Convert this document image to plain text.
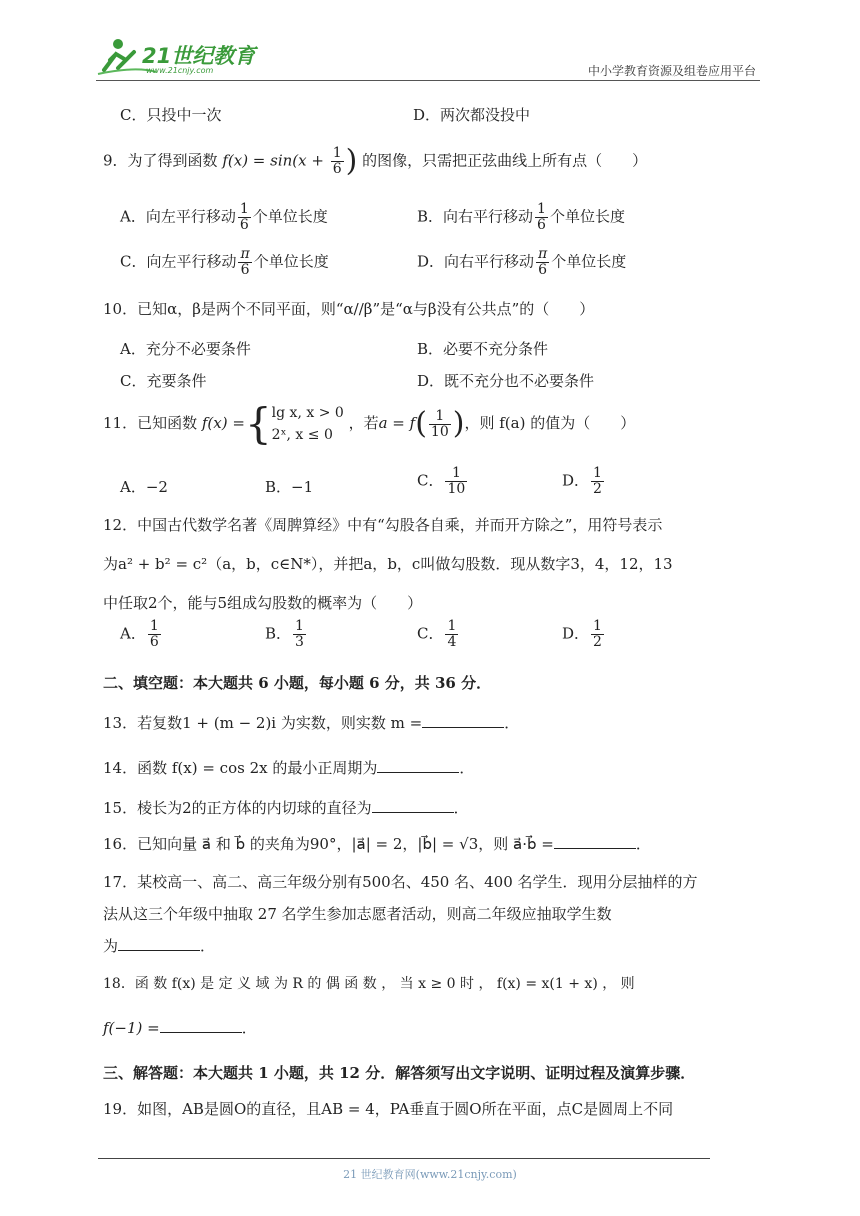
21世纪教育
www.21cnjy.com	中小学教育资源及组卷应用平台
C．只投中一次	D．两次都没投中
9．为了得到函数 $f(x) = \sin(x + \frac{1}{6}$ ) 的图像，只需把正弦曲线上所有点（　　）
A．向左平行移动 $\frac{1}{6}$ 个单位长度	B．向右平行移动 $\frac{1}{6}$ 个单位长度
C．向左平行移动 $\frac{\pi}{6}$ 个单位长度	D．向右平行移动 $\frac{\pi}{6}$ 个单位长度
10．已知α，β是两个不同平面，则“α//β”是“α与β没有公共点”的（　　）
A．充分不必要条件	B．必要不充分条件
C．充要条件	D．既不充分也不必要条件
11．已知函数 f(x) ={ lg x, x > 0
2ˣ, x ≤ 0
，若$a = f( \frac{1}{10}$ )，则 f(a) 的值为（　　）
A．−2	B．−1	C． $\frac{1}{10}$	D． $\frac{1}{2}$
12．中国古代数学名著《周脾算经》中有“勾股各自乘，并而开方除之”，用符号表示
为a² + b² = c²（a，b，c∈N*），并把a，b，c叫做勾股数．现从数字3，4，12，13
中任取2个，能与5组成勾股数的概率为（　　）
A． $\frac{1}{6}$	B． $\frac{1}{3}$	C． $\frac{1}{4}$	D． $\frac{1}{2}$
二、填空题：本大题共 6 小题，每小题 6 分，共 36 分．
13．若复数1 + (m − 2)i 为实数，则实数 m =	．
14．函数 f(x) = cos 2x 的最小正周期为	．
15．棱长为2的正方体的内切球的直径为	．
16．已知向量 a⃗ 和 b⃗ 的夹角为90°，|a⃗| = 2，|b⃗| = √3，则 a⃗·b⃗ =	．
17．某校高一、高二、高三年级分别有500名、450 名、400 名学生．现用分层抽样的方
法从这三个年级中抽取 27 名学生参加志愿者活动，则高二年级应抽取学生数
为	．
18．函 数 f(x) 是 定 义 域 为 R 的 偶 函 数 ， 当 x ≥ 0 时 ， f(x) = x(1 + x) ， 则
f(−1) =	．
三、解答题：本大题共 1 小题，共 12 分．解答须写出文字说明、证明过程及演算步骤．
19．如图，AB是圆O的直径，且AB = 4，PA垂直于圆O所在平面，点C是圆周上不同
21 世纪教育网(www.21cnjy.com)
